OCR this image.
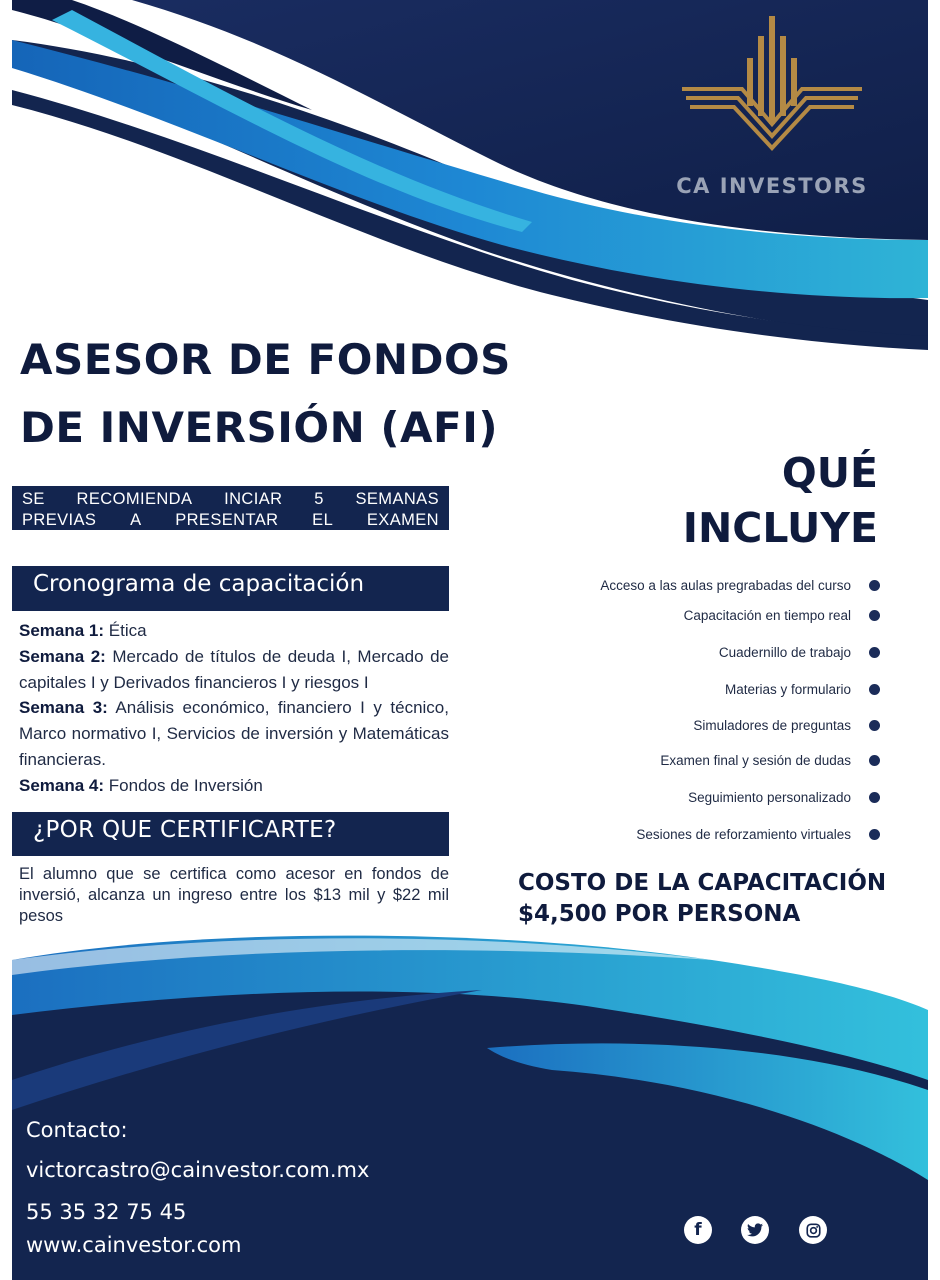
CA INVESTORS
ASESOR DE FONDOS
DE INVERSIÓN (AFI)
SE RECOMIENDA INCIAR 5 SEMANAS
PREVIAS A PRESENTAR EL EXAMEN
Cronograma de capacitación

Semana 1: Ética

Semana 2: Mercado de títulos de deuda I, Mercado de capitales I y Derivados financieros I y riesgos I

Semana 3: Análisis económico, financiero I y técnico, Marco normativo I, Servicios de inversión y Matemáticas financieras.

Semana 4: Fondos de Inversión

¿POR QUE CERTIFICARTE?
El alumno que se certifica como acesor en fondos de inversió, alcanza un ingreso entre los $13 mil y $22 mil pesos
QUÉ
INCLUYE
Acceso a las aulas pregrabadas del curso
Capacitación en tiempo real
Cuadernillo de trabajo
Materias y formulario
Simuladores de preguntas
Examen final y sesión de dudas
Seguimiento personalizado
Sesiones de reforzamiento virtuales
COSTO DE LA CAPACITACIÓN
$4,500 POR PERSONA
Contacto:
victorcastro@cainvestor.com.mx
55 35 32 75 45
www.cainvestor.com
f
